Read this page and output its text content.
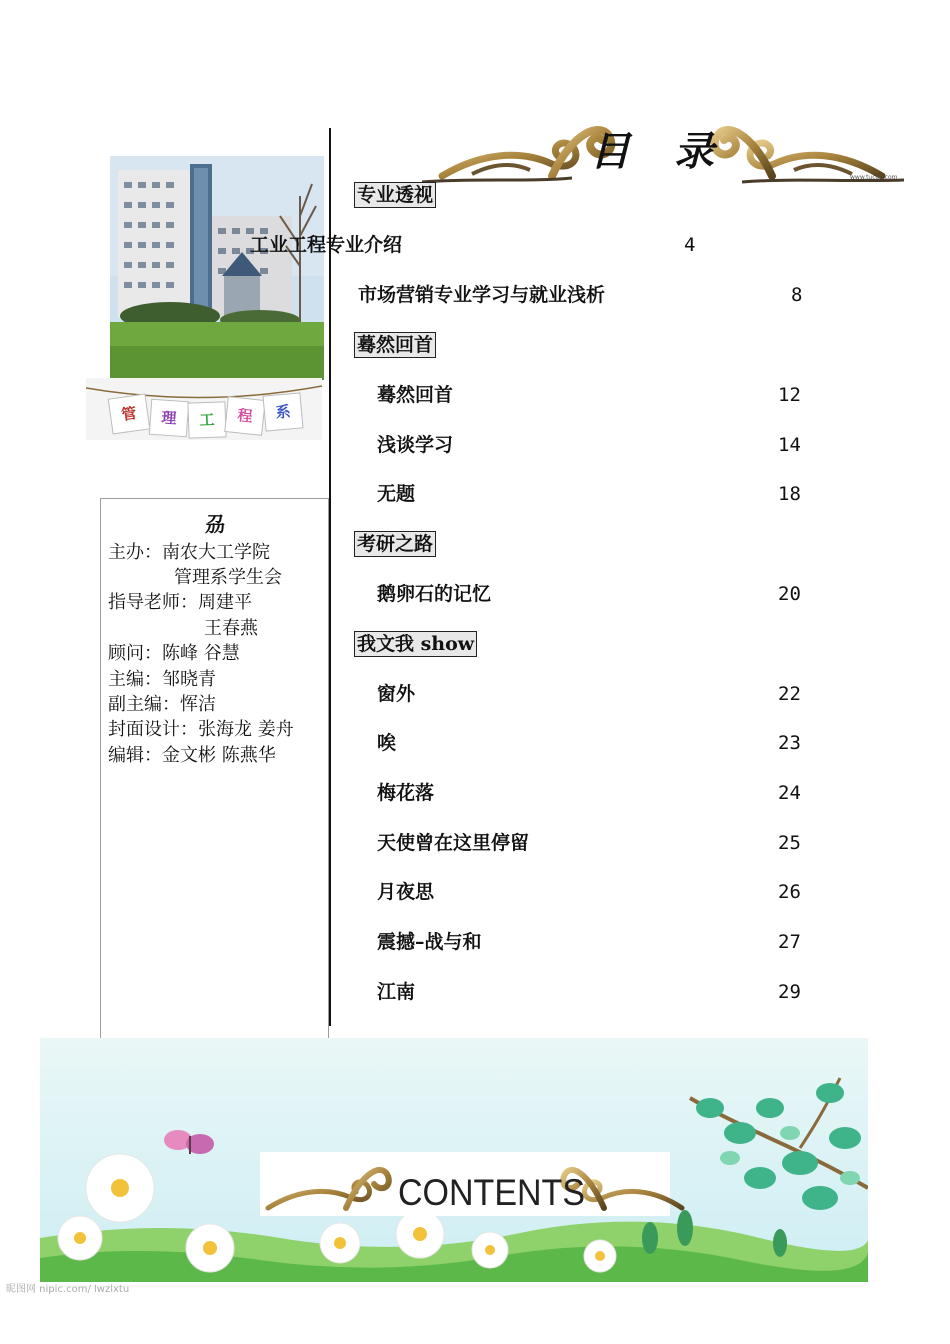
www.tucoo.com
目录
管	理	工	程	系
刕
主办：南农大工学院
管理系学生会
指导老师：周建平
王春燕
顾问：陈峰 谷慧
主编：邹晓青
副主编：恽洁
封面设计：张海龙 姜舟
编辑：金文彬 陈燕华
专业透视
工业工程专业介绍	4
市场营销专业学习与就业浅析	8
蓦然回首
蓦然回首	12
浅谈学习	14
无题	18
考研之路
鹅卵石的记忆	20
我文我 show
窗外	22
唉	23
梅花落	24
天使曾在这里停留	25
月夜思	26
震撼–战与和	27
江南	29
CONTENTS
昵图网 nipic.com/ lwzlxtu
